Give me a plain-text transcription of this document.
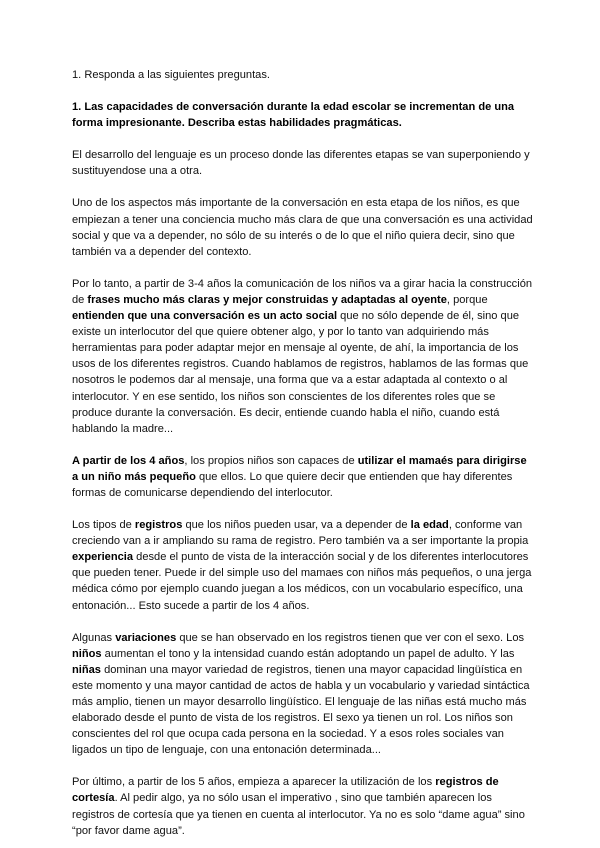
1. Responda a las siguientes preguntas.

1. Las capacidades de conversación durante la edad escolar se incrementan de una forma impresionante. Describa estas habilidades pragmáticas.

El desarrollo del lenguaje es un proceso donde las diferentes etapas se van superponiendo y sustituyendose una a otra.

Uno de los aspectos más importante de la conversación en esta etapa de los niños, es que empiezan a tener una conciencia mucho más clara de que una conversación es una actividad social y que va a depender, no sólo de su interés o de lo que el niño quiera decir, sino que también va a depender del contexto.

Por lo tanto, a partir de 3-4 años la comunicación de los niños va a girar hacia la construcción de frases mucho más claras y mejor construidas y adaptadas al oyente, porque entienden que una conversación es un acto social que no sólo depende de él, sino que existe un interlocutor del que quiere obtener algo, y por lo tanto van adquiriendo más herramientas para poder adaptar mejor en mensaje al oyente, de ahí, la importancia de los usos de los diferentes registros. Cuando hablamos de registros, hablamos de las formas que nosotros le podemos dar al mensaje, una forma que va a estar adaptada al contexto o al interlocutor. Y en ese sentido, los niños son conscientes de los diferentes roles que se produce durante la conversación. Es decir, entiende cuando habla el niño, cuando está hablando la madre...

A partir de los 4 años, los propios niños son capaces de utilizar el mamaés para dirigirse a un niño más pequeño que ellos. Lo que quiere decir que entienden que hay diferentes formas de comunicarse dependiendo del interlocutor.

Los tipos de registros que los niños pueden usar, va a depender de la edad, conforme van creciendo van a ir ampliando su rama de registro. Pero también va a ser importante la propia experiencia desde el punto de vista de la interacción social y de los diferentes interlocutores que pueden tener. Puede ir del simple uso del mamaes con niños más pequeños, o una jerga médica cómo por ejemplo cuando juegan a los médicos, con un vocabulario específico, una entonación... Esto sucede a partir de los 4 años.

Algunas variaciones que se han observado en los registros tienen que ver con el sexo. Los niños aumentan el tono y la intensidad cuando están adoptando un papel de adulto. Y las niñas dominan una mayor variedad de registros, tienen una mayor capacidad lingüística en este momento y una mayor cantidad de actos de habla y un vocabulario y variedad sintáctica más amplio, tienen un mayor desarrollo lingüístico. El lenguaje de las niñas está mucho más elaborado desde el punto de vista de los registros. El sexo ya tienen un rol. Los niños son conscientes del rol que ocupa cada persona en la sociedad. Y a esos roles sociales van ligados un tipo de lenguaje, con una entonación determinada...

Por último, a partir de los 5 años, empieza a aparecer la utilización de los registros de cortesía. Al pedir algo, ya no sólo usan el imperativo , sino que también aparecen los registros de cortesía que ya tienen en cuenta al interlocutor. Ya no es solo “dame agua” sino “por favor dame agua”.
